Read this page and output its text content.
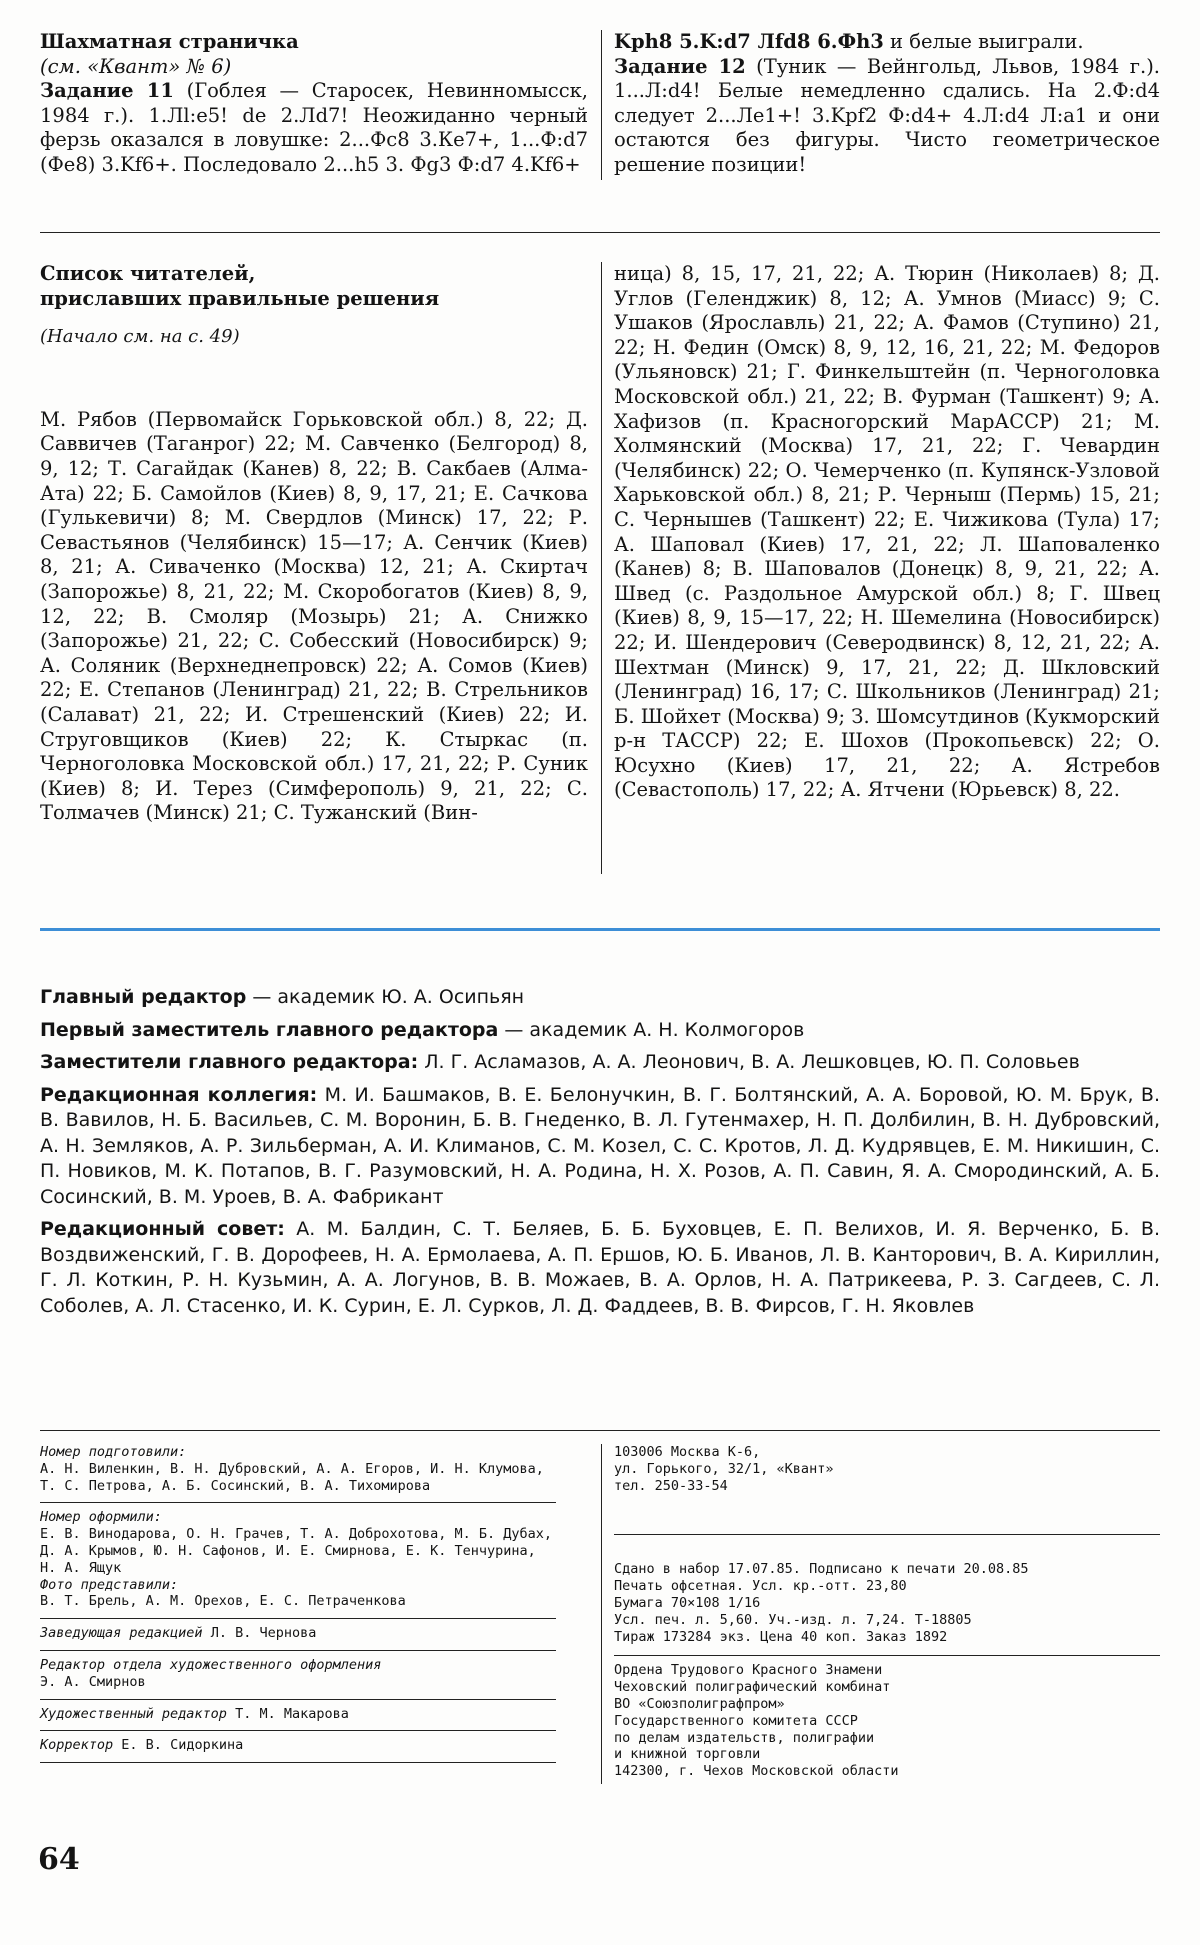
Шахматная страничка

(см. «Квант» № 6)

Задание 11 (Гоблея — Старосек, Невинномысск, 1984 г.). 1.Лl:е5! de 2.Лd7! Неожиданно черный ферзь оказался в ловушке: 2...Фс8 3.Ке7+, 1...Ф:d7 (Фе8) 3.Kf6+. Последовало 2...h5 3. Фg3 Ф:d7 4.Kf6+

Kph8 5.K:d7 Лfd8 6.Фh3 и белые выиграли.

Задание 12 (Туник — Вейнгольд, Львов, 1984 г.). 1...Л:d4! Белые немедленно сдались. На 2.Ф:d4 следует 2...Ле1+! 3.Kpf2 Ф:d4+ 4.Л:d4 Л:а1 и они остаются без фигуры. Чисто геометрическое решение позиции!

Список читателей,

приславших правильные решения

(Начало см. на с. 49)

М. Рябов (Первомайск Горьковской обл.) 8, 22; Д. Саввичев (Таганрог) 22; М. Савченко (Белгород) 8, 9, 12; Т. Сагайдак (Канев) 8, 22; В. Сакбаев (Алма-Ата) 22; Б. Самойлов (Киев) 8, 9, 17, 21; Е. Сачкова (Гулькевичи) 8; М. Свердлов (Минск) 17, 22; Р. Севастьянов (Челябинск) 15—17; А. Сенчик (Киев) 8, 21; А. Сиваченко (Москва) 12, 21; А. Скиртач (Запорожье) 8, 21, 22; М. Скоробогатов (Киев) 8, 9, 12, 22; В. Смоляр (Мозырь) 21; А. Снижко (Запорожье) 21, 22; С. Собесский (Новосибирск) 9; А. Соляник (Верхнеднепровск) 22; А. Сомов (Киев) 22; Е. Степанов (Ленинград) 21, 22; В. Стрельников (Салават) 21, 22; И. Стрешенский (Киев) 22; И. Струговщиков (Киев) 22; К. Стыркас (п. Черноголовка Московской обл.) 17, 21, 22; Р. Суник (Киев) 8; И. Терез (Симферополь) 9, 21, 22; С. Толмачев (Минск) 21; С. Тужанский (Вин-

ница) 8, 15, 17, 21, 22; А. Тюрин (Николаев) 8; Д. Углов (Геленджик) 8, 12; А. Умнов (Миасс) 9; С. Ушаков (Ярославль) 21, 22; А. Фамов (Ступино) 21, 22; Н. Федин (Омск) 8, 9, 12, 16, 21, 22; М. Федоров (Ульяновск) 21; Г. Финкельштейн (п. Черноголовка Московской обл.) 21, 22; В. Фурман (Ташкент) 9; А. Хафизов (п. Красногорский МарАССР) 21; М. Холмянский (Москва) 17, 21, 22; Г. Чевардин (Челябинск) 22; О. Чемерченко (п. Купянск-Узловой Харьковской обл.) 8, 21; Р. Черныш (Пермь) 15, 21; С. Чернышев (Ташкент) 22; Е. Чижикова (Тула) 17; А. Шаповал (Киев) 17, 21, 22; Л. Шаповаленко (Канев) 8; В. Шаповалов (Донецк) 8, 9, 21, 22; А. Швед (с. Раздольное Амурской обл.) 8; Г. Швец (Киев) 8, 9, 15—17, 22; Н. Шемелина (Новосибирск) 22; И. Шендерович (Северодвинск) 8, 12, 21, 22; А. Шехтман (Минск) 9, 17, 21, 22; Д. Шкловский (Ленинград) 16, 17; С. Школьников (Ленинград) 21; Б. Шойхет (Москва) 9; З. Шомсутдинов (Кукморский р-н ТАССР) 22; Е. Шохов (Прокопьевск) 22; О. Юсухно (Киев) 17, 21, 22; А. Ястребов (Севастополь) 17, 22; А. Ятчени (Юрьевск) 8, 22.

Главный редактор — академик Ю. А. Осипьян

Первый заместитель главного редактора — академик А. Н. Колмогоров

Заместители главного редактора: Л. Г. Асламазов, А. А. Леонович, В. А. Лешковцев, Ю. П. Соловьев

Редакционная коллегия: М. И. Башмаков, В. Е. Белонучкин, В. Г. Болтянский, А. А. Боровой, Ю. М. Брук, В. В. Вавилов, Н. Б. Васильев, С. М. Воронин, Б. В. Гнеденко, В. Л. Гутенмахер, Н. П. Долбилин, В. Н. Дубровский, А. Н. Земляков, А. Р. Зильберман, А. И. Климанов, С. М. Козел, С. С. Кротов, Л. Д. Кудрявцев, Е. М. Никишин, С. П. Новиков, М. К. Потапов, В. Г. Разумовский, Н. А. Родина, Н. Х. Розов, А. П. Савин, Я. А. Смородинский, А. Б. Сосинский, В. М. Уроев, В. А. Фабрикант

Редакционный совет: А. М. Балдин, С. Т. Беляев, Б. Б. Буховцев, Е. П. Велихов, И. Я. Верченко, Б. В. Воздвиженский, Г. В. Дорофеев, Н. А. Ермолаева, А. П. Ершов, Ю. Б. Иванов, Л. В. Канторович, В. А. Кириллин, Г. Л. Коткин, Р. Н. Кузьмин, А. А. Логунов, В. В. Можаев, В. А. Орлов, Н. А. Патрикеева, Р. З. Сагдеев, С. Л. Соболев, А. Л. Стасенко, И. К. Сурин, Е. Л. Сурков, Л. Д. Фаддеев, В. В. Фирсов, Г. Н. Яковлев

Номер подготовили:
А. Н. Виленкин, В. Н. Дубровский, А. А. Егоров, И. Н. Клумова, Т. С. Петрова, А. Б. Сосинский, В. А. Тихомирова
Номер оформили:
Е. В. Винодарова, О. Н. Грачев, Т. А. Доброхотова, М. Б. Дубах, Д. А. Крымов, Ю. Н. Сафонов, И. Е. Смирнова, Е. К. Тенчурина, Н. А. Ящук
Фото представили:
В. Т. Брель, А. М. Орехов, Е. С. Петраченкова
Заведующая редакцией Л. В. Чернова
Редактор отдела художественного оформления
Э. А. Смирнов
Художественный редактор Т. М. Макарова
Корректор Е. В. Сидоркина
103006 Москва К-6,
ул. Горького, 32/1, «Квант»
тел. 250-33-54
Сдано в набор 17.07.85. Подписано к печати 20.08.85
Печать офсетная. Усл. кр.-отт. 23,80
Бумага 70×108 1/16
Усл. печ. л. 5,60. Уч.-изд. л. 7,24. Т-18805
Тираж 173284 экз. Цена 40 коп. Заказ 1892
Ордена Трудового Красного Знамени
Чеховский полиграфический комбинат
ВО «Союзполиграфпром»
Государственного комитета СССР
по делам издательств, полиграфии
и книжной торговли
142300, г. Чехов Московской области
64
